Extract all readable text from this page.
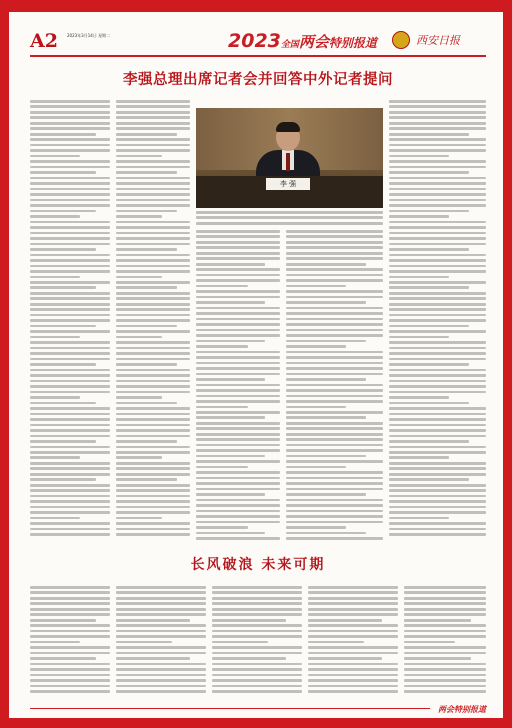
A2 2023年3月14日 星期二	2023全国两会特别报道	西安日报
李强总理出席记者会并回答中外记者提问
李 强
长风破浪 未来可期
两会特别报道
